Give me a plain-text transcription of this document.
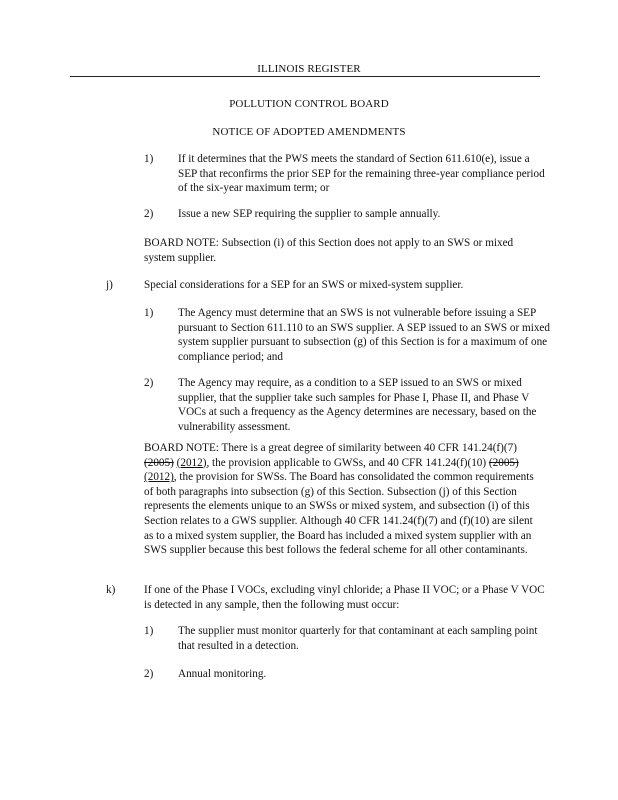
ILLINOIS REGISTER
POLLUTION CONTROL BOARD
NOTICE OF ADOPTED AMENDMENTS
1) If it determines that the PWS meets the standard of Section 611.610(e), issue a SEP that reconfirms the prior SEP for the remaining three-year compliance period of the six-year maximum term; or
2) Issue a new SEP requiring the supplier to sample annually.
BOARD NOTE: Subsection (i) of this Section does not apply to an SWS or mixed system supplier.
j)	Special considerations for a SEP for an SWS or mixed-system supplier.
1) The Agency must determine that an SWS is not vulnerable before issuing a SEP pursuant to Section 611.110 to an SWS supplier. A SEP issued to an SWS or mixed system supplier pursuant to subsection (g) of this Section is for a maximum of one compliance period; and
2) The Agency may require, as a condition to a SEP issued to an SWS or mixed supplier, that the supplier take such samples for Phase I, Phase II, and Phase V VOCs at such a frequency as the Agency determines are necessary, based on the vulnerability assessment.
BOARD NOTE: There is a great degree of similarity between 40 CFR 141.24(f)(7) (2005) (2012), the provision applicable to GWSs, and 40 CFR 141.24(f)(10) (2005) (2012), the provision for SWSs. The Board has consolidated the common requirements of both paragraphs into subsection (g) of this Section. Subsection (j) of this Section represents the elements unique to an SWSs or mixed system, and subsection (i) of this Section relates to a GWS supplier. Although 40 CFR 141.24(f)(7) and (f)(10) are silent as to a mixed system supplier, the Board has included a mixed system supplier with an SWS supplier because this best follows the federal scheme for all other contaminants.
k)	If one of the Phase I VOCs, excluding vinyl chloride; a Phase II VOC; or a Phase V VOC is detected in any sample, then the following must occur:
1) The supplier must monitor quarterly for that contaminant at each sampling point that resulted in a detection.
2) Annual monitoring.
